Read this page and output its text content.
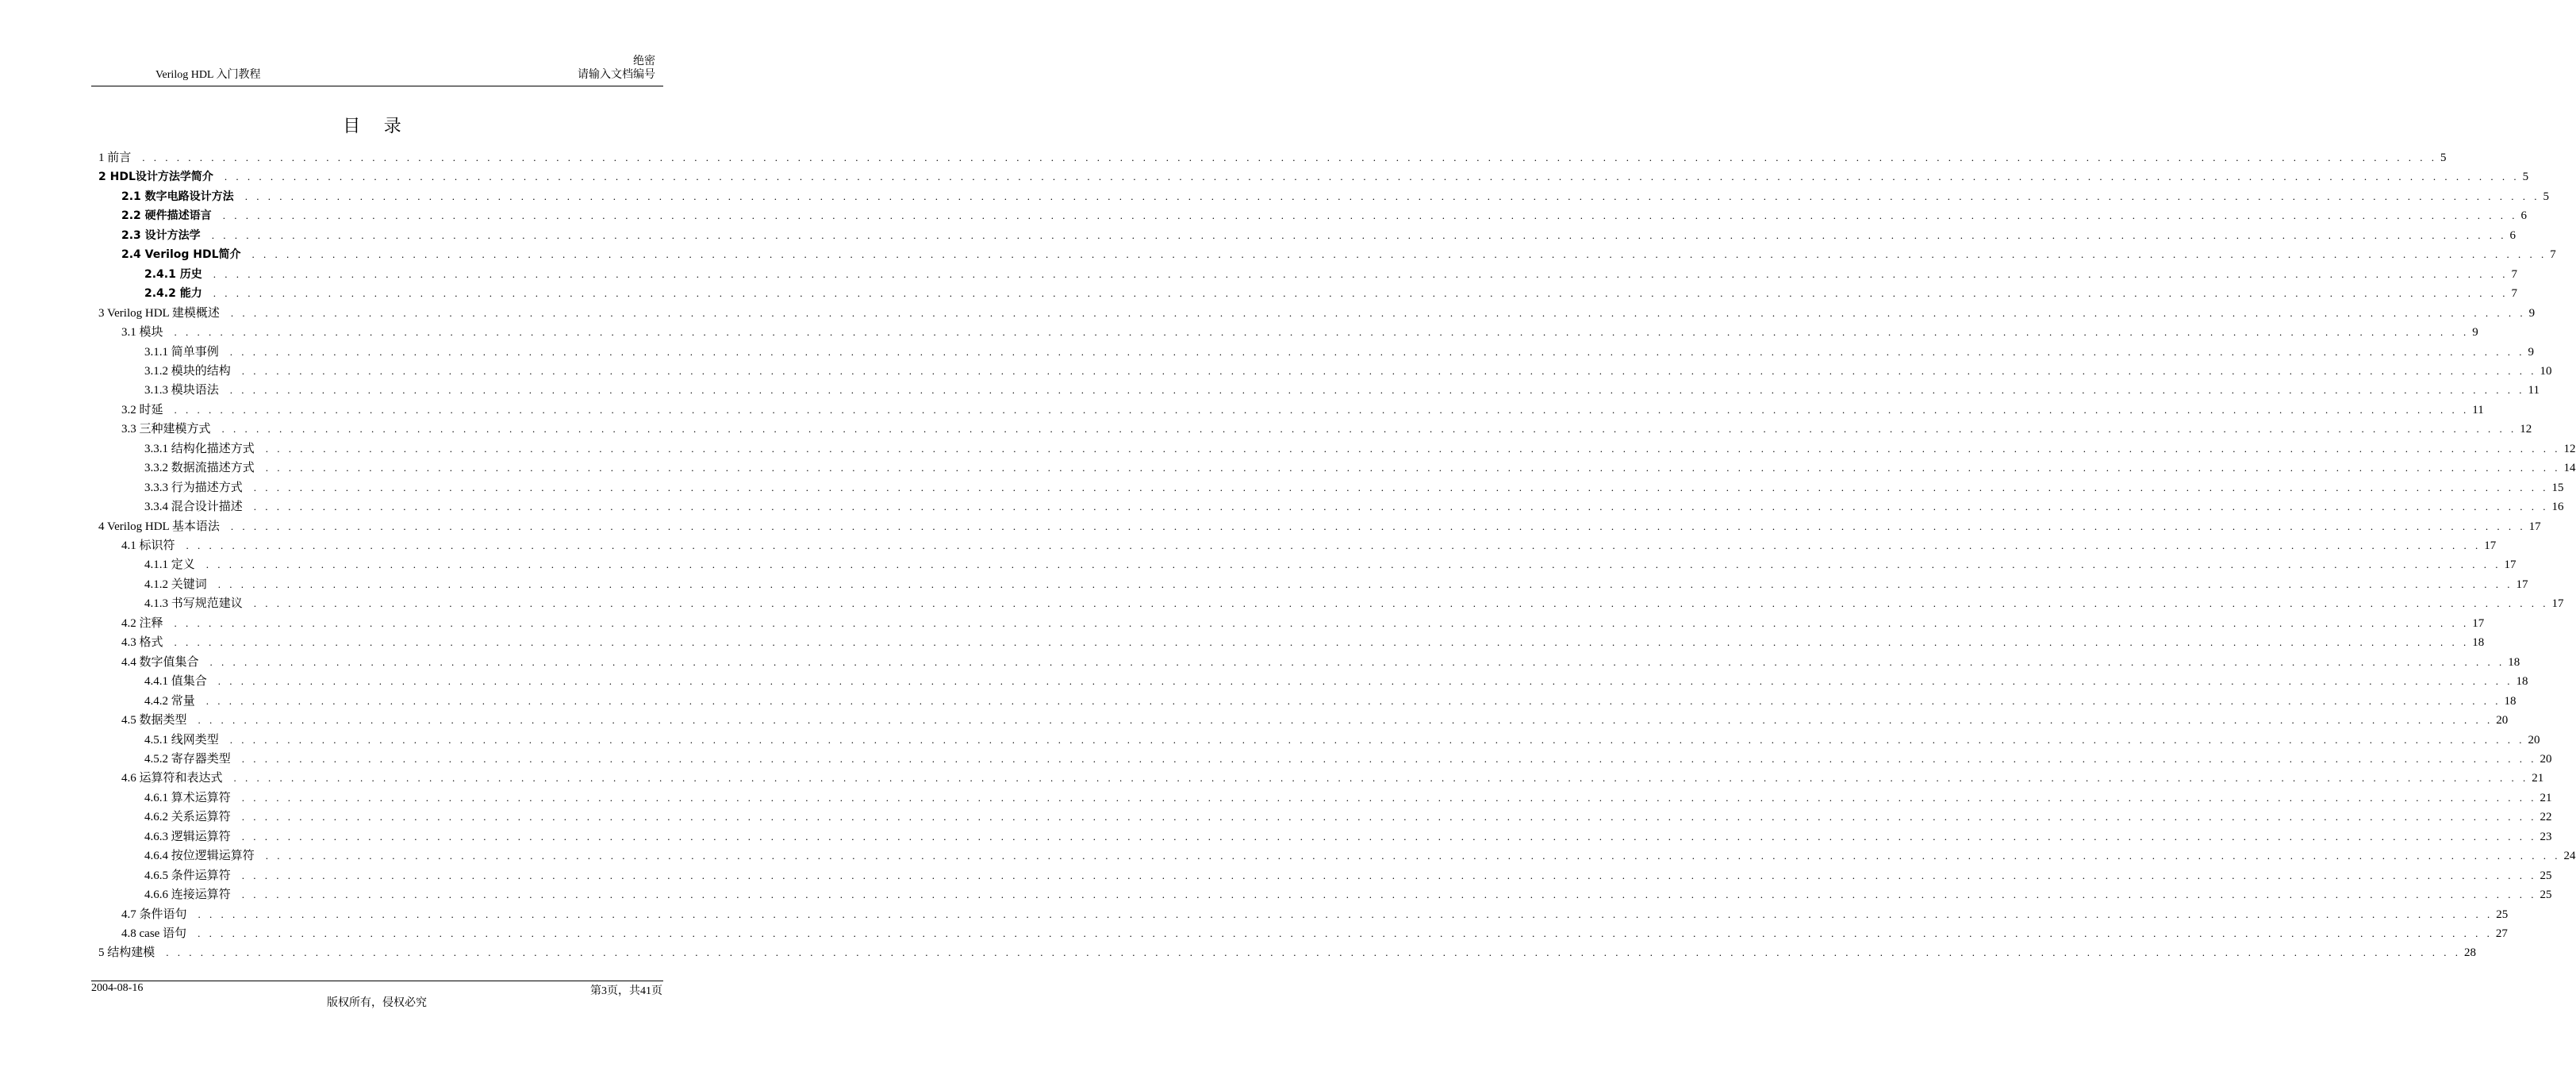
Verilog HDL 入门教程
绝密
请输入文档编号
目 录
1 前言	. . . . . . . . . . . . . . . . . . . . . . . . . . . . . . . . . . . . . . . . . . . . . . . . . . . . . . . . . . . . . . . . . . . . . . . . . . . . . . . . . . . . . . . . . . . . . . . . . . . . . . . . . . . . . . . . . . . . . . . . . . . . . . . . . . . . . . . . . . . . . . . . . . . . . . . . . . . . . . . . . . . . . . . . . . . . . . . . . . . . . . . . . . . . . . . . . . . . . . . . 5
2 HDL设计方法学简介	. . . . . . . . . . . . . . . . . . . . . . . . . . . . . . . . . . . . . . . . . . . . . . . . . . . . . . . . . . . . . . . . . . . . . . . . . . . . . . . . . . . . . . . . . . . . . . . . . . . . . . . . . . . . . . . . . . . . . . . . . . . . . . . . . . . . . . . . . . . . . . . . . . . . . . . . . . . . . . . . . . . . . . . . . . . . . . . . . . . . . . . . . . . . . . . . . . . . . . . . 5
2.1 数字电路设计方法	. . . . . . . . . . . . . . . . . . . . . . . . . . . . . . . . . . . . . . . . . . . . . . . . . . . . . . . . . . . . . . . . . . . . . . . . . . . . . . . . . . . . . . . . . . . . . . . . . . . . . . . . . . . . . . . . . . . . . . . . . . . . . . . . . . . . . . . . . . . . . . . . . . . . . . . . . . . . . . . . . . . . . . . . . . . . . . . . . . . . . . . . . . . . . . . . . . . . . . . . 5
2.2 硬件描述语言	. . . . . . . . . . . . . . . . . . . . . . . . . . . . . . . . . . . . . . . . . . . . . . . . . . . . . . . . . . . . . . . . . . . . . . . . . . . . . . . . . . . . . . . . . . . . . . . . . . . . . . . . . . . . . . . . . . . . . . . . . . . . . . . . . . . . . . . . . . . . . . . . . . . . . . . . . . . . . . . . . . . . . . . . . . . . . . . . . . . . . . . . . . . . . . . . . . . . . . . . 6
2.3 设计方法学	. . . . . . . . . . . . . . . . . . . . . . . . . . . . . . . . . . . . . . . . . . . . . . . . . . . . . . . . . . . . . . . . . . . . . . . . . . . . . . . . . . . . . . . . . . . . . . . . . . . . . . . . . . . . . . . . . . . . . . . . . . . . . . . . . . . . . . . . . . . . . . . . . . . . . . . . . . . . . . . . . . . . . . . . . . . . . . . . . . . . . . . . . . . . . . . . . . . . . . . . 6
2.4 Verilog HDL简介	. . . . . . . . . . . . . . . . . . . . . . . . . . . . . . . . . . . . . . . . . . . . . . . . . . . . . . . . . . . . . . . . . . . . . . . . . . . . . . . . . . . . . . . . . . . . . . . . . . . . . . . . . . . . . . . . . . . . . . . . . . . . . . . . . . . . . . . . . . . . . . . . . . . . . . . . . . . . . . . . . . . . . . . . . . . . . . . . . . . . . . . . . . . . . . . . . . . . . . . . 7
2.4.1 历史	. . . . . . . . . . . . . . . . . . . . . . . . . . . . . . . . . . . . . . . . . . . . . . . . . . . . . . . . . . . . . . . . . . . . . . . . . . . . . . . . . . . . . . . . . . . . . . . . . . . . . . . . . . . . . . . . . . . . . . . . . . . . . . . . . . . . . . . . . . . . . . . . . . . . . . . . . . . . . . . . . . . . . . . . . . . . . . . . . . . . . . . . . . . . . . . . . . . . . . . . 7
2.4.2 能力	. . . . . . . . . . . . . . . . . . . . . . . . . . . . . . . . . . . . . . . . . . . . . . . . . . . . . . . . . . . . . . . . . . . . . . . . . . . . . . . . . . . . . . . . . . . . . . . . . . . . . . . . . . . . . . . . . . . . . . . . . . . . . . . . . . . . . . . . . . . . . . . . . . . . . . . . . . . . . . . . . . . . . . . . . . . . . . . . . . . . . . . . . . . . . . . . . . . . . . . . 7
3 Verilog HDL 建模概述	. . . . . . . . . . . . . . . . . . . . . . . . . . . . . . . . . . . . . . . . . . . . . . . . . . . . . . . . . . . . . . . . . . . . . . . . . . . . . . . . . . . . . . . . . . . . . . . . . . . . . . . . . . . . . . . . . . . . . . . . . . . . . . . . . . . . . . . . . . . . . . . . . . . . . . . . . . . . . . . . . . . . . . . . . . . . . . . . . . . . . . . . . . . . . . . . . . . . . . . . 9
3.1 模块	. . . . . . . . . . . . . . . . . . . . . . . . . . . . . . . . . . . . . . . . . . . . . . . . . . . . . . . . . . . . . . . . . . . . . . . . . . . . . . . . . . . . . . . . . . . . . . . . . . . . . . . . . . . . . . . . . . . . . . . . . . . . . . . . . . . . . . . . . . . . . . . . . . . . . . . . . . . . . . . . . . . . . . . . . . . . . . . . . . . . . . . . . . . . . . . . . . . . . . . . 9
3.1.1 简单事例	. . . . . . . . . . . . . . . . . . . . . . . . . . . . . . . . . . . . . . . . . . . . . . . . . . . . . . . . . . . . . . . . . . . . . . . . . . . . . . . . . . . . . . . . . . . . . . . . . . . . . . . . . . . . . . . . . . . . . . . . . . . . . . . . . . . . . . . . . . . . . . . . . . . . . . . . . . . . . . . . . . . . . . . . . . . . . . . . . . . . . . . . . . . . . . . . . . . . . . . . 9
3.1.2 模块的结构	. . . . . . . . . . . . . . . . . . . . . . . . . . . . . . . . . . . . . . . . . . . . . . . . . . . . . . . . . . . . . . . . . . . . . . . . . . . . . . . . . . . . . . . . . . . . . . . . . . . . . . . . . . . . . . . . . . . . . . . . . . . . . . . . . . . . . . . . . . . . . . . . . . . . . . . . . . . . . . . . . . . . . . . . . . . . . . . . . . . . . . . . . . . . . . . . . . . . . . . . 10
3.1.3 模块语法	. . . . . . . . . . . . . . . . . . . . . . . . . . . . . . . . . . . . . . . . . . . . . . . . . . . . . . . . . . . . . . . . . . . . . . . . . . . . . . . . . . . . . . . . . . . . . . . . . . . . . . . . . . . . . . . . . . . . . . . . . . . . . . . . . . . . . . . . . . . . . . . . . . . . . . . . . . . . . . . . . . . . . . . . . . . . . . . . . . . . . . . . . . . . . . . . . . . . . . . . 11
3.2 时延	. . . . . . . . . . . . . . . . . . . . . . . . . . . . . . . . . . . . . . . . . . . . . . . . . . . . . . . . . . . . . . . . . . . . . . . . . . . . . . . . . . . . . . . . . . . . . . . . . . . . . . . . . . . . . . . . . . . . . . . . . . . . . . . . . . . . . . . . . . . . . . . . . . . . . . . . . . . . . . . . . . . . . . . . . . . . . . . . . . . . . . . . . . . . . . . . . . . . . . . . 11
3.3 三种建模方式	. . . . . . . . . . . . . . . . . . . . . . . . . . . . . . . . . . . . . . . . . . . . . . . . . . . . . . . . . . . . . . . . . . . . . . . . . . . . . . . . . . . . . . . . . . . . . . . . . . . . . . . . . . . . . . . . . . . . . . . . . . . . . . . . . . . . . . . . . . . . . . . . . . . . . . . . . . . . . . . . . . . . . . . . . . . . . . . . . . . . . . . . . . . . . . . . . . . . . . . . 12
3.3.1 结构化描述方式	. . . . . . . . . . . . . . . . . . . . . . . . . . . . . . . . . . . . . . . . . . . . . . . . . . . . . . . . . . . . . . . . . . . . . . . . . . . . . . . . . . . . . . . . . . . . . . . . . . . . . . . . . . . . . . . . . . . . . . . . . . . . . . . . . . . . . . . . . . . . . . . . . . . . . . . . . . . . . . . . . . . . . . . . . . . . . . . . . . . . . . . . . . . . . . . . . . . . . . . . 12
3.3.2 数据流描述方式	. . . . . . . . . . . . . . . . . . . . . . . . . . . . . . . . . . . . . . . . . . . . . . . . . . . . . . . . . . . . . . . . . . . . . . . . . . . . . . . . . . . . . . . . . . . . . . . . . . . . . . . . . . . . . . . . . . . . . . . . . . . . . . . . . . . . . . . . . . . . . . . . . . . . . . . . . . . . . . . . . . . . . . . . . . . . . . . . . . . . . . . . . . . . . . . . . . . . . . . . 14
3.3.3 行为描述方式	. . . . . . . . . . . . . . . . . . . . . . . . . . . . . . . . . . . . . . . . . . . . . . . . . . . . . . . . . . . . . . . . . . . . . . . . . . . . . . . . . . . . . . . . . . . . . . . . . . . . . . . . . . . . . . . . . . . . . . . . . . . . . . . . . . . . . . . . . . . . . . . . . . . . . . . . . . . . . . . . . . . . . . . . . . . . . . . . . . . . . . . . . . . . . . . . . . . . . . . . 15
3.3.4 混合设计描述	. . . . . . . . . . . . . . . . . . . . . . . . . . . . . . . . . . . . . . . . . . . . . . . . . . . . . . . . . . . . . . . . . . . . . . . . . . . . . . . . . . . . . . . . . . . . . . . . . . . . . . . . . . . . . . . . . . . . . . . . . . . . . . . . . . . . . . . . . . . . . . . . . . . . . . . . . . . . . . . . . . . . . . . . . . . . . . . . . . . . . . . . . . . . . . . . . . . . . . . . 16
4 Verilog HDL 基本语法	. . . . . . . . . . . . . . . . . . . . . . . . . . . . . . . . . . . . . . . . . . . . . . . . . . . . . . . . . . . . . . . . . . . . . . . . . . . . . . . . . . . . . . . . . . . . . . . . . . . . . . . . . . . . . . . . . . . . . . . . . . . . . . . . . . . . . . . . . . . . . . . . . . . . . . . . . . . . . . . . . . . . . . . . . . . . . . . . . . . . . . . . . . . . . . . . . . . . . . . . 17
4.1 标识符	. . . . . . . . . . . . . . . . . . . . . . . . . . . . . . . . . . . . . . . . . . . . . . . . . . . . . . . . . . . . . . . . . . . . . . . . . . . . . . . . . . . . . . . . . . . . . . . . . . . . . . . . . . . . . . . . . . . . . . . . . . . . . . . . . . . . . . . . . . . . . . . . . . . . . . . . . . . . . . . . . . . . . . . . . . . . . . . . . . . . . . . . . . . . . . . . . . . . . . . . 17
4.1.1 定义	. . . . . . . . . . . . . . . . . . . . . . . . . . . . . . . . . . . . . . . . . . . . . . . . . . . . . . . . . . . . . . . . . . . . . . . . . . . . . . . . . . . . . . . . . . . . . . . . . . . . . . . . . . . . . . . . . . . . . . . . . . . . . . . . . . . . . . . . . . . . . . . . . . . . . . . . . . . . . . . . . . . . . . . . . . . . . . . . . . . . . . . . . . . . . . . . . . . . . . . . 17
4.1.2 关键词	. . . . . . . . . . . . . . . . . . . . . . . . . . . . . . . . . . . . . . . . . . . . . . . . . . . . . . . . . . . . . . . . . . . . . . . . . . . . . . . . . . . . . . . . . . . . . . . . . . . . . . . . . . . . . . . . . . . . . . . . . . . . . . . . . . . . . . . . . . . . . . . . . . . . . . . . . . . . . . . . . . . . . . . . . . . . . . . . . . . . . . . . . . . . . . . . . . . . . . . . 17
4.1.3 书写规范建议	. . . . . . . . . . . . . . . . . . . . . . . . . . . . . . . . . . . . . . . . . . . . . . . . . . . . . . . . . . . . . . . . . . . . . . . . . . . . . . . . . . . . . . . . . . . . . . . . . . . . . . . . . . . . . . . . . . . . . . . . . . . . . . . . . . . . . . . . . . . . . . . . . . . . . . . . . . . . . . . . . . . . . . . . . . . . . . . . . . . . . . . . . . . . . . . . . . . . . . . . 17
4.2 注释	. . . . . . . . . . . . . . . . . . . . . . . . . . . . . . . . . . . . . . . . . . . . . . . . . . . . . . . . . . . . . . . . . . . . . . . . . . . . . . . . . . . . . . . . . . . . . . . . . . . . . . . . . . . . . . . . . . . . . . . . . . . . . . . . . . . . . . . . . . . . . . . . . . . . . . . . . . . . . . . . . . . . . . . . . . . . . . . . . . . . . . . . . . . . . . . . . . . . . . . . 17
4.3 格式	. . . . . . . . . . . . . . . . . . . . . . . . . . . . . . . . . . . . . . . . . . . . . . . . . . . . . . . . . . . . . . . . . . . . . . . . . . . . . . . . . . . . . . . . . . . . . . . . . . . . . . . . . . . . . . . . . . . . . . . . . . . . . . . . . . . . . . . . . . . . . . . . . . . . . . . . . . . . . . . . . . . . . . . . . . . . . . . . . . . . . . . . . . . . . . . . . . . . . . . . 18
4.4 数字值集合	. . . . . . . . . . . . . . . . . . . . . . . . . . . . . . . . . . . . . . . . . . . . . . . . . . . . . . . . . . . . . . . . . . . . . . . . . . . . . . . . . . . . . . . . . . . . . . . . . . . . . . . . . . . . . . . . . . . . . . . . . . . . . . . . . . . . . . . . . . . . . . . . . . . . . . . . . . . . . . . . . . . . . . . . . . . . . . . . . . . . . . . . . . . . . . . . . . . . . . . . 18
4.4.1 值集合	. . . . . . . . . . . . . . . . . . . . . . . . . . . . . . . . . . . . . . . . . . . . . . . . . . . . . . . . . . . . . . . . . . . . . . . . . . . . . . . . . . . . . . . . . . . . . . . . . . . . . . . . . . . . . . . . . . . . . . . . . . . . . . . . . . . . . . . . . . . . . . . . . . . . . . . . . . . . . . . . . . . . . . . . . . . . . . . . . . . . . . . . . . . . . . . . . . . . . . . . 18
4.4.2 常量	. . . . . . . . . . . . . . . . . . . . . . . . . . . . . . . . . . . . . . . . . . . . . . . . . . . . . . . . . . . . . . . . . . . . . . . . . . . . . . . . . . . . . . . . . . . . . . . . . . . . . . . . . . . . . . . . . . . . . . . . . . . . . . . . . . . . . . . . . . . . . . . . . . . . . . . . . . . . . . . . . . . . . . . . . . . . . . . . . . . . . . . . . . . . . . . . . . . . . . . . 18
4.5 数据类型	. . . . . . . . . . . . . . . . . . . . . . . . . . . . . . . . . . . . . . . . . . . . . . . . . . . . . . . . . . . . . . . . . . . . . . . . . . . . . . . . . . . . . . . . . . . . . . . . . . . . . . . . . . . . . . . . . . . . . . . . . . . . . . . . . . . . . . . . . . . . . . . . . . . . . . . . . . . . . . . . . . . . . . . . . . . . . . . . . . . . . . . . . . . . . . . . . . . . . . . . 20
4.5.1 线网类型	. . . . . . . . . . . . . . . . . . . . . . . . . . . . . . . . . . . . . . . . . . . . . . . . . . . . . . . . . . . . . . . . . . . . . . . . . . . . . . . . . . . . . . . . . . . . . . . . . . . . . . . . . . . . . . . . . . . . . . . . . . . . . . . . . . . . . . . . . . . . . . . . . . . . . . . . . . . . . . . . . . . . . . . . . . . . . . . . . . . . . . . . . . . . . . . . . . . . . . . . 20
4.5.2 寄存器类型	. . . . . . . . . . . . . . . . . . . . . . . . . . . . . . . . . . . . . . . . . . . . . . . . . . . . . . . . . . . . . . . . . . . . . . . . . . . . . . . . . . . . . . . . . . . . . . . . . . . . . . . . . . . . . . . . . . . . . . . . . . . . . . . . . . . . . . . . . . . . . . . . . . . . . . . . . . . . . . . . . . . . . . . . . . . . . . . . . . . . . . . . . . . . . . . . . . . . . . . . 20
4.6 运算符和表达式	. . . . . . . . . . . . . . . . . . . . . . . . . . . . . . . . . . . . . . . . . . . . . . . . . . . . . . . . . . . . . . . . . . . . . . . . . . . . . . . . . . . . . . . . . . . . . . . . . . . . . . . . . . . . . . . . . . . . . . . . . . . . . . . . . . . . . . . . . . . . . . . . . . . . . . . . . . . . . . . . . . . . . . . . . . . . . . . . . . . . . . . . . . . . . . . . . . . . . . . . 21
4.6.1 算术运算符	. . . . . . . . . . . . . . . . . . . . . . . . . . . . . . . . . . . . . . . . . . . . . . . . . . . . . . . . . . . . . . . . . . . . . . . . . . . . . . . . . . . . . . . . . . . . . . . . . . . . . . . . . . . . . . . . . . . . . . . . . . . . . . . . . . . . . . . . . . . . . . . . . . . . . . . . . . . . . . . . . . . . . . . . . . . . . . . . . . . . . . . . . . . . . . . . . . . . . . . . 21
4.6.2 关系运算符	. . . . . . . . . . . . . . . . . . . . . . . . . . . . . . . . . . . . . . . . . . . . . . . . . . . . . . . . . . . . . . . . . . . . . . . . . . . . . . . . . . . . . . . . . . . . . . . . . . . . . . . . . . . . . . . . . . . . . . . . . . . . . . . . . . . . . . . . . . . . . . . . . . . . . . . . . . . . . . . . . . . . . . . . . . . . . . . . . . . . . . . . . . . . . . . . . . . . . . . . 22
4.6.3 逻辑运算符	. . . . . . . . . . . . . . . . . . . . . . . . . . . . . . . . . . . . . . . . . . . . . . . . . . . . . . . . . . . . . . . . . . . . . . . . . . . . . . . . . . . . . . . . . . . . . . . . . . . . . . . . . . . . . . . . . . . . . . . . . . . . . . . . . . . . . . . . . . . . . . . . . . . . . . . . . . . . . . . . . . . . . . . . . . . . . . . . . . . . . . . . . . . . . . . . . . . . . . . . 23
4.6.4 按位逻辑运算符	. . . . . . . . . . . . . . . . . . . . . . . . . . . . . . . . . . . . . . . . . . . . . . . . . . . . . . . . . . . . . . . . . . . . . . . . . . . . . . . . . . . . . . . . . . . . . . . . . . . . . . . . . . . . . . . . . . . . . . . . . . . . . . . . . . . . . . . . . . . . . . . . . . . . . . . . . . . . . . . . . . . . . . . . . . . . . . . . . . . . . . . . . . . . . . . . . . . . . . . . 24
4.6.5 条件运算符	. . . . . . . . . . . . . . . . . . . . . . . . . . . . . . . . . . . . . . . . . . . . . . . . . . . . . . . . . . . . . . . . . . . . . . . . . . . . . . . . . . . . . . . . . . . . . . . . . . . . . . . . . . . . . . . . . . . . . . . . . . . . . . . . . . . . . . . . . . . . . . . . . . . . . . . . . . . . . . . . . . . . . . . . . . . . . . . . . . . . . . . . . . . . . . . . . . . . . . . . 25
4.6.6 连接运算符	. . . . . . . . . . . . . . . . . . . . . . . . . . . . . . . . . . . . . . . . . . . . . . . . . . . . . . . . . . . . . . . . . . . . . . . . . . . . . . . . . . . . . . . . . . . . . . . . . . . . . . . . . . . . . . . . . . . . . . . . . . . . . . . . . . . . . . . . . . . . . . . . . . . . . . . . . . . . . . . . . . . . . . . . . . . . . . . . . . . . . . . . . . . . . . . . . . . . . . . . 25
4.7 条件语句	. . . . . . . . . . . . . . . . . . . . . . . . . . . . . . . . . . . . . . . . . . . . . . . . . . . . . . . . . . . . . . . . . . . . . . . . . . . . . . . . . . . . . . . . . . . . . . . . . . . . . . . . . . . . . . . . . . . . . . . . . . . . . . . . . . . . . . . . . . . . . . . . . . . . . . . . . . . . . . . . . . . . . . . . . . . . . . . . . . . . . . . . . . . . . . . . . . . . . . . . 25
4.8 case 语句	. . . . . . . . . . . . . . . . . . . . . . . . . . . . . . . . . . . . . . . . . . . . . . . . . . . . . . . . . . . . . . . . . . . . . . . . . . . . . . . . . . . . . . . . . . . . . . . . . . . . . . . . . . . . . . . . . . . . . . . . . . . . . . . . . . . . . . . . . . . . . . . . . . . . . . . . . . . . . . . . . . . . . . . . . . . . . . . . . . . . . . . . . . . . . . . . . . . . . . . . 27
5 结构建模	. . . . . . . . . . . . . . . . . . . . . . . . . . . . . . . . . . . . . . . . . . . . . . . . . . . . . . . . . . . . . . . . . . . . . . . . . . . . . . . . . . . . . . . . . . . . . . . . . . . . . . . . . . . . . . . . . . . . . . . . . . . . . . . . . . . . . . . . . . . . . . . . . . . . . . . . . . . . . . . . . . . . . . . . . . . . . . . . . . . . . . . . . . . . . . . . . . . . . . . . 28
2004-08-16	第3页，共41页
版权所有，侵权必究
